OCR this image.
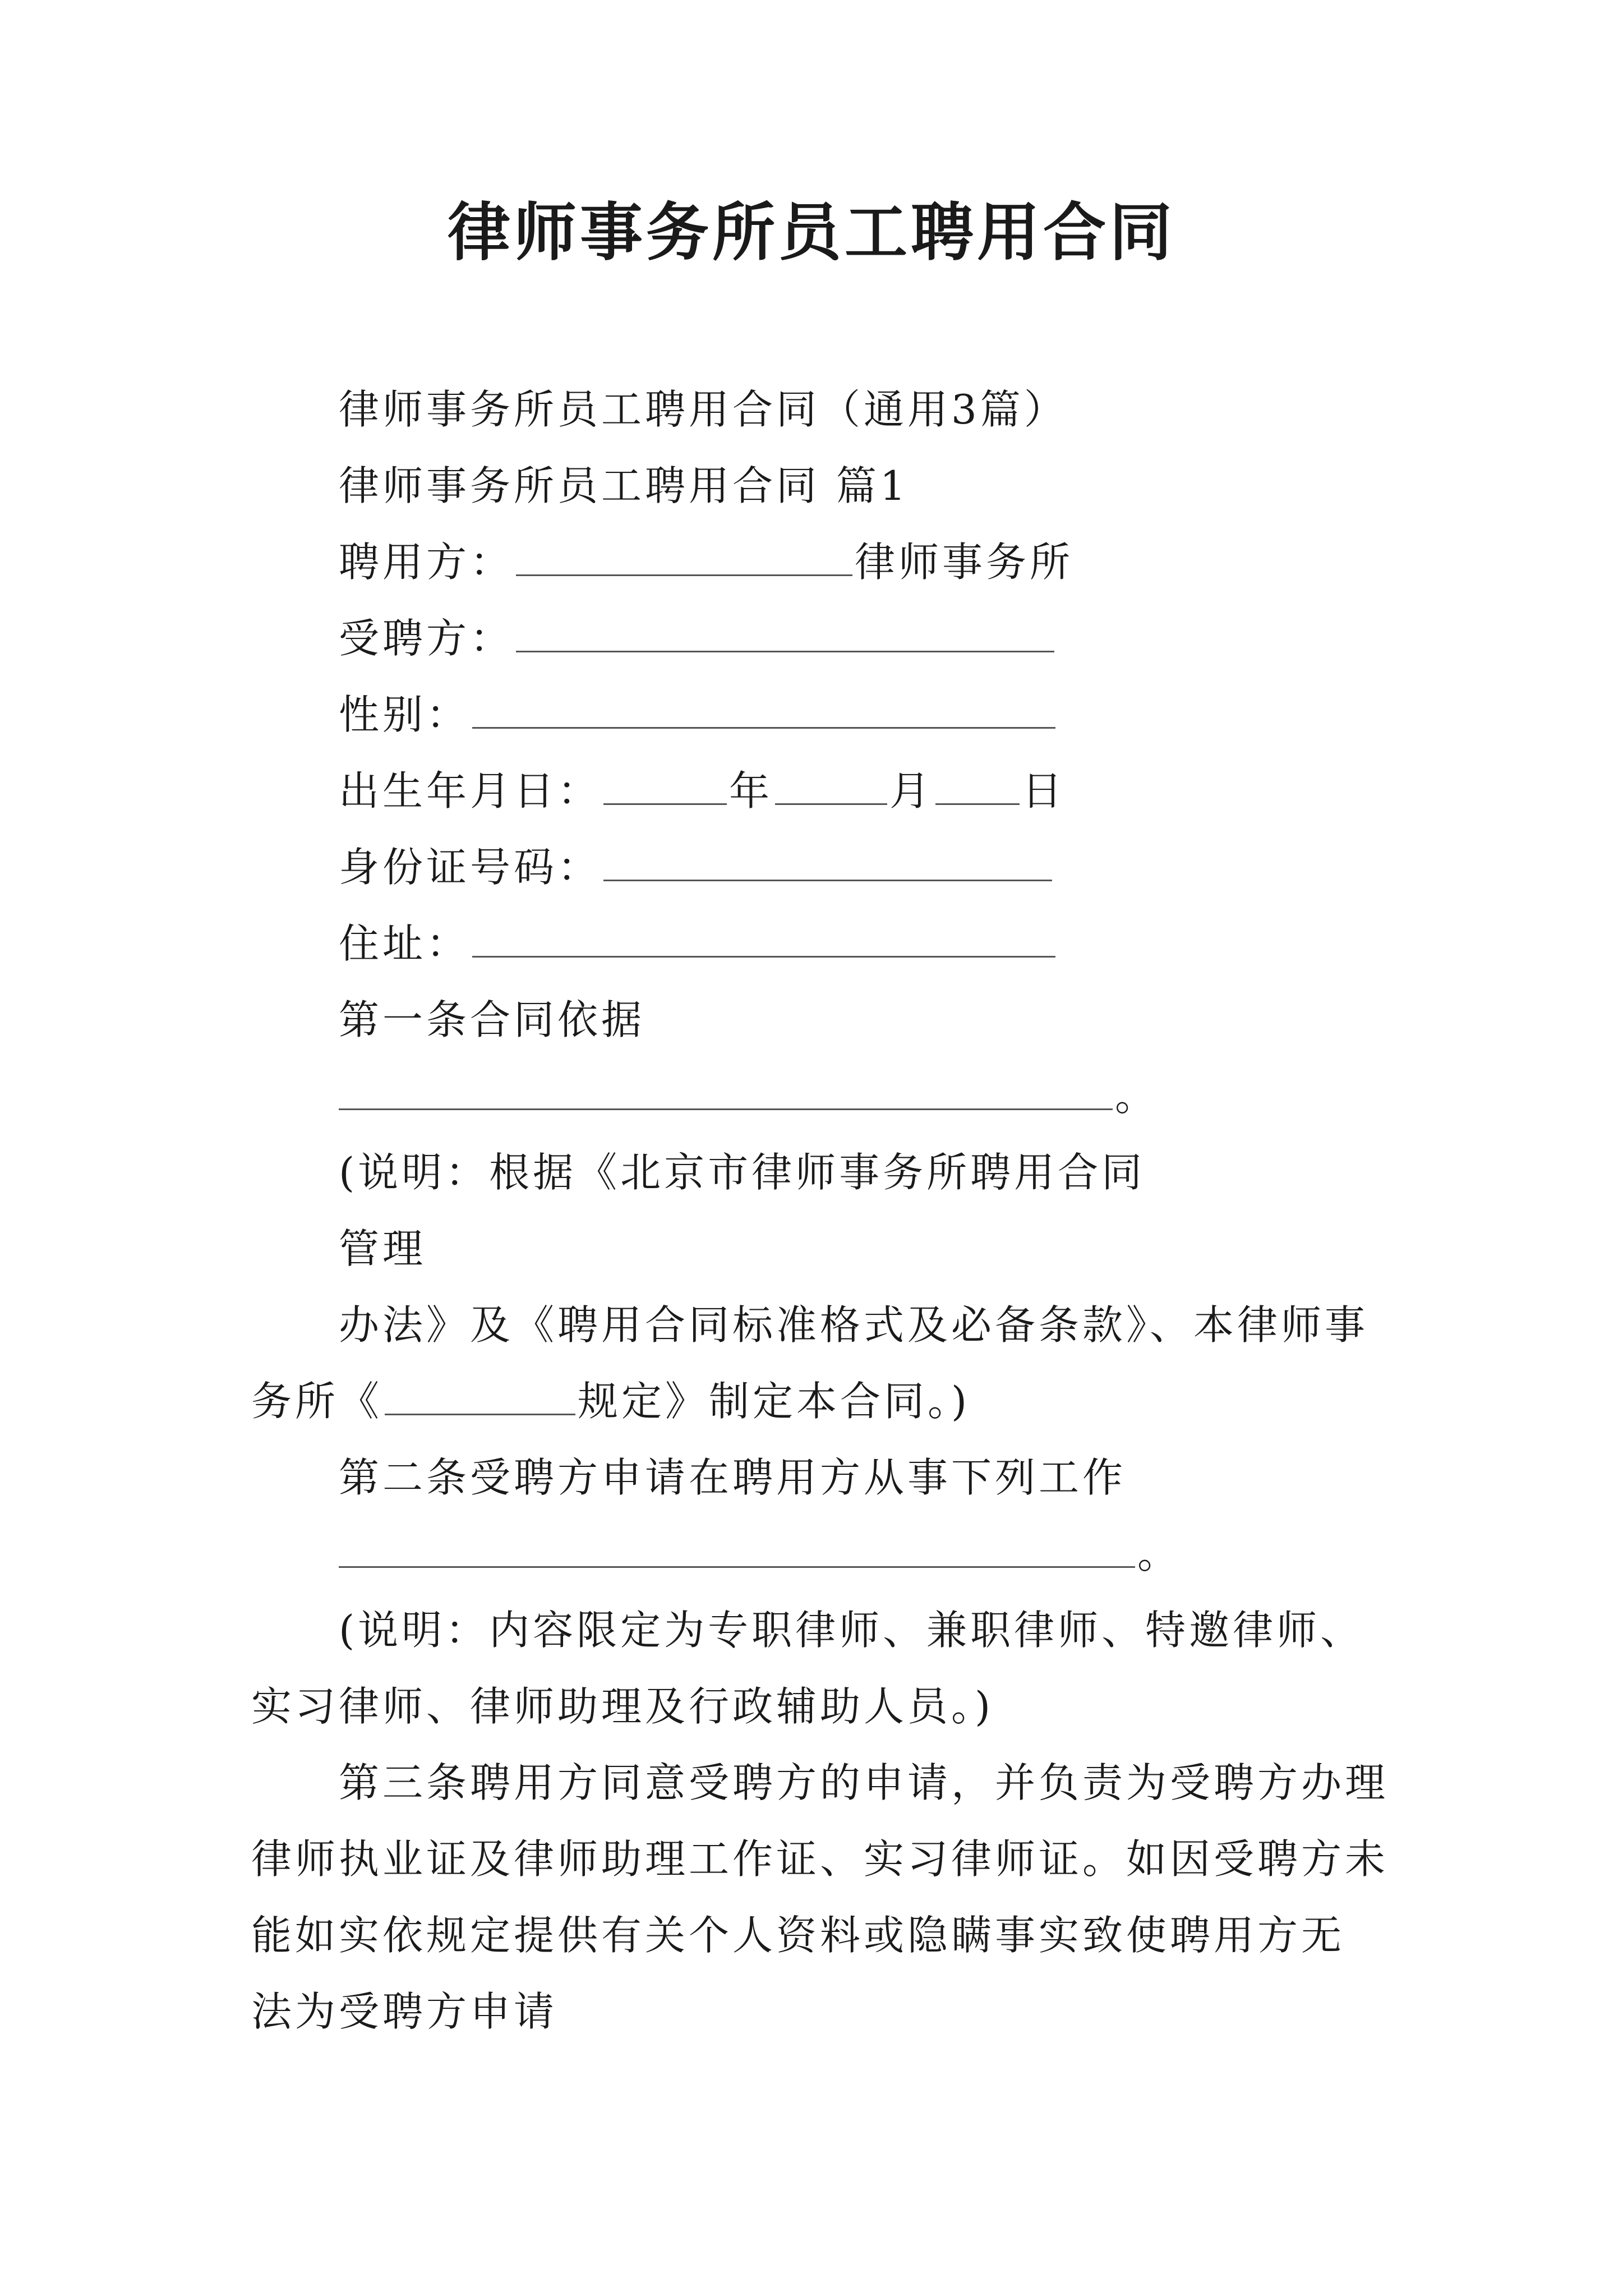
律师事务所员工聘用合同
律师事务所员工聘用合同（通用3篇）
律师事务所员工聘用合同 篇1
聘用方：	律师事务所
受聘方：
性别：
出生年月日：	年	月 日
身份证号码：
住址：
第一条合同依据
。
(说明：根据《北京市律师事务所聘用合同
管理
办法》及《聘用合同标准格式及必备条款》、本律师事
务所《	规定》制定本合同。)
第二条受聘方申请在聘用方从事下列工作
。
(说明：内容限定为专职律师、兼职律师、特邀律师、
实习律师、律师助理及行政辅助人员。)
第三条聘用方同意受聘方的申请，并负责为受聘方办理
律师执业证及律师助理工作证、实习律师证。如因受聘方未
能如实依规定提供有关个人资料或隐瞒事实致使聘用方无
法为受聘方申请
